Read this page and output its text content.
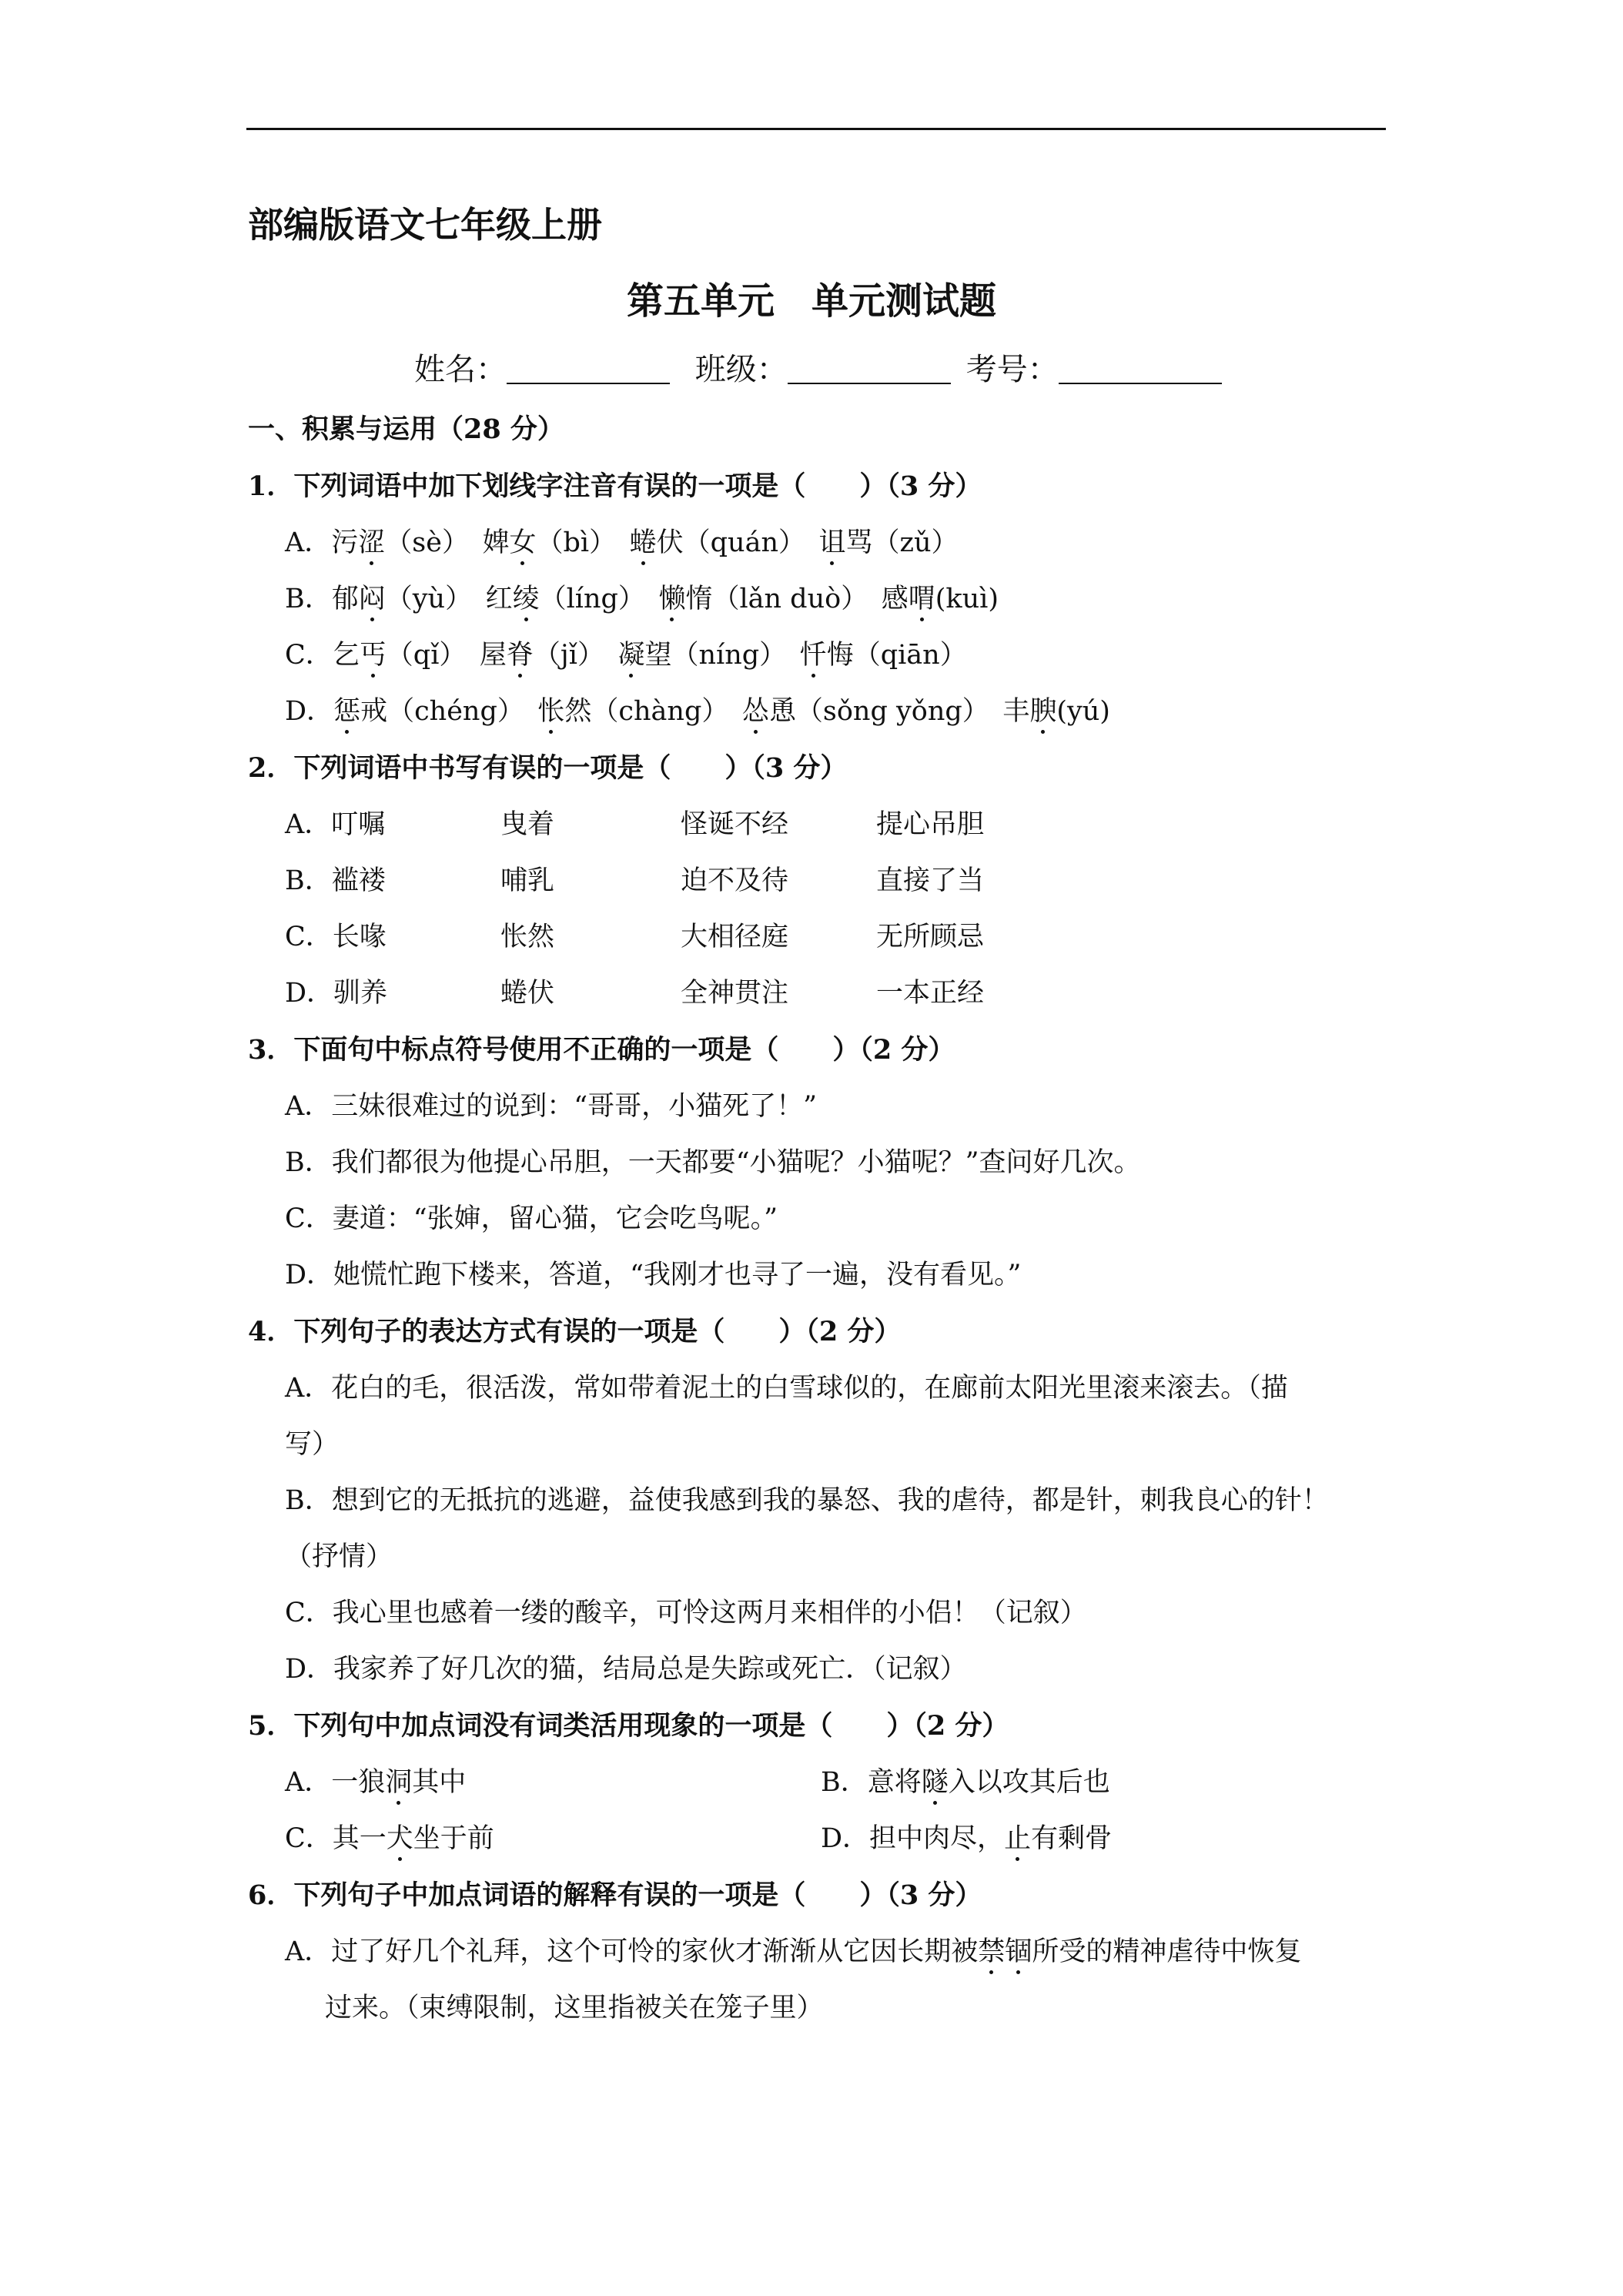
部编版语文七年级上册
第五单元　单元测试题
姓名：	班级：	考号：
一、积累与运用（28 分）
1．下列词语中加下划线字注音有误的一项是（　　）（3 分）
A．污涩（sè）　婢女（bì）　蜷伏（quán）　诅骂（zǔ）
B．郁闷（yù）　红绫（líng）　懒惰（lǎn duò）　感喟(kuì)
C．乞丐（qǐ）　屋脊（jǐ）　凝望（níng）　忏悔（qiān）
D．惩戒（chéng）　怅然（chàng）　怂恿（sǒng yǒng）　丰腴(yú)
2．下列词语中书写有误的一项是（　　）（3 分）
A．叮嘱	曳着	怪诞不经	提心吊胆
B．褴褛	哺乳	迫不及待	直接了当
C．长喙	怅然	大相径庭	无所顾忌
D．驯养	蜷伏	全神贯注	一本正经
3．下面句中标点符号使用不正确的一项是（　　）（2 分）
A．三妹很难过的说到：“哥哥，小猫死了！”
B．我们都很为他提心吊胆，一天都要“小猫呢？小猫呢？”查问好几次。
C．妻道：“张婶，留心猫，它会吃鸟呢。”
D．她慌忙跑下楼来，答道，“我刚才也寻了一遍，没有看见。”
4．下列句子的表达方式有误的一项是（　　）（2 分）
A．花白的毛，很活泼，常如带着泥土的白雪球似的，在廊前太阳光里滚来滚去。（描
写）
B．想到它的无抵抗的逃避，益使我感到我的暴怒、我的虐待，都是针，刺我良心的针！
（抒情）
C．我心里也感着一缕的酸辛，可怜这两月来相伴的小侣！（记叙）
D．我家养了好几次的猫，结局总是失踪或死亡．（记叙）
5．下列句中加点词没有词类活用现象的一项是（　　）（2 分）
A．一狼洞其中	B．意将隧入以攻其后也
C．其一犬坐于前	D．担中肉尽，止有剩骨
6．下列句子中加点词语的解释有误的一项是（　　）（3 分）
A．过了好几个礼拜，这个可怜的家伙才渐渐从它因长期被禁锢所受的精神虐待中恢复
过来。（束缚限制，这里指被关在笼子里）
